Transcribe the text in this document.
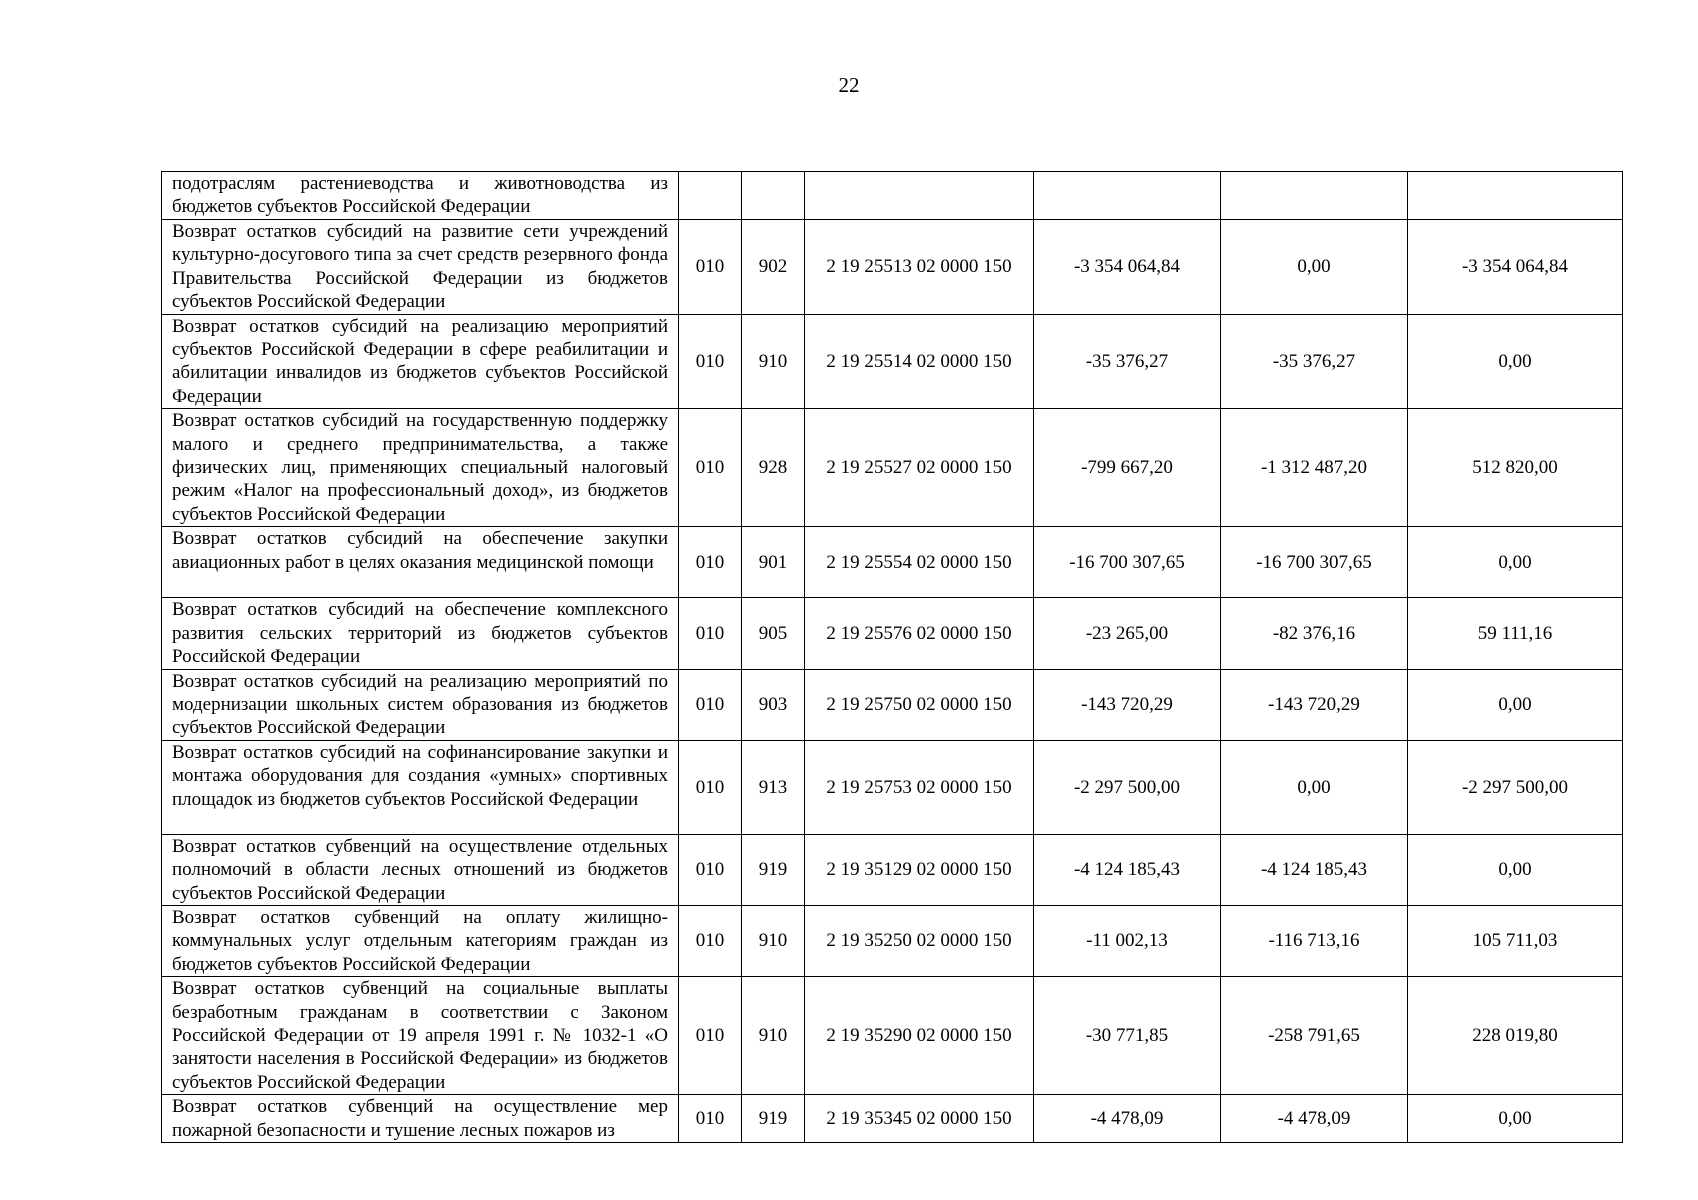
22
подотраслям растениеводства и животноводства из бюджетов субъектов Российской Федерации						
Возврат остатков субсидий на развитие сети учреждений культурно-досугового типа за счет средств резервного фонда Правительства Российской Федерации из бюджетов субъектов Российской Федерации	010	902	2 19 25513 02 0000 150	-3 354 064,84	0,00	-3 354 064,84
Возврат остатков субсидий на реализацию мероприятий субъектов Российской Федерации в сфере реабилитации и абилитации инвалидов из бюджетов субъектов Российской Федерации	010	910	2 19 25514 02 0000 150	-35 376,27	-35 376,27	0,00
Возврат остатков субсидий на государственную поддержку малого и среднего предпринимательства, а также физических лиц, применяющих специальный налоговый режим «Налог на профессиональный доход», из бюджетов субъектов Российской Федерации	010	928	2 19 25527 02 0000 150	-799 667,20	-1 312 487,20	512 820,00
Возврат остатков субсидий на обеспечение закупки авиационных работ в целях оказания медицинской помощи	010	901	2 19 25554 02 0000 150	-16 700 307,65	-16 700 307,65	0,00
Возврат остатков субсидий на обеспечение комплексного развития сельских территорий из бюджетов субъектов Российской Федерации	010	905	2 19 25576 02 0000 150	-23 265,00	-82 376,16	59 111,16
Возврат остатков субсидий на реализацию мероприятий по модернизации школьных систем образования из бюджетов субъектов Российской Федерации	010	903	2 19 25750 02 0000 150	-143 720,29	-143 720,29	0,00
Возврат остатков субсидий на софинансирование закупки и монтажа оборудования для создания «умных» спортивных площадок из бюджетов субъектов Российской Федерации	010	913	2 19 25753 02 0000 150	-2 297 500,00	0,00	-2 297 500,00
Возврат остатков субвенций на осуществление отдельных полномочий в области лесных отношений из бюджетов субъектов Российской Федерации	010	919	2 19 35129 02 0000 150	-4 124 185,43	-4 124 185,43	0,00
Возврат остатков субвенций на оплату жилищно-коммунальных услуг отдельным категориям граждан из бюджетов субъектов Российской Федерации	010	910	2 19 35250 02 0000 150	-11 002,13	-116 713,16	105 711,03
Возврат остатков субвенций на социальные выплаты безработным гражданам в соответствии с Законом Российской Федерации от 19 апреля 1991 г. № 1032-1 «О занятости населения в Российской Федерации» из бюджетов субъектов Российской Федерации	010	910	2 19 35290 02 0000 150	-30 771,85	-258 791,65	228 019,80
Возврат остатков субвенций на осуществление мер пожарной безопасности и тушение лесных пожаров из	010	919	2 19 35345 02 0000 150	-4 478,09	-4 478,09	0,00
